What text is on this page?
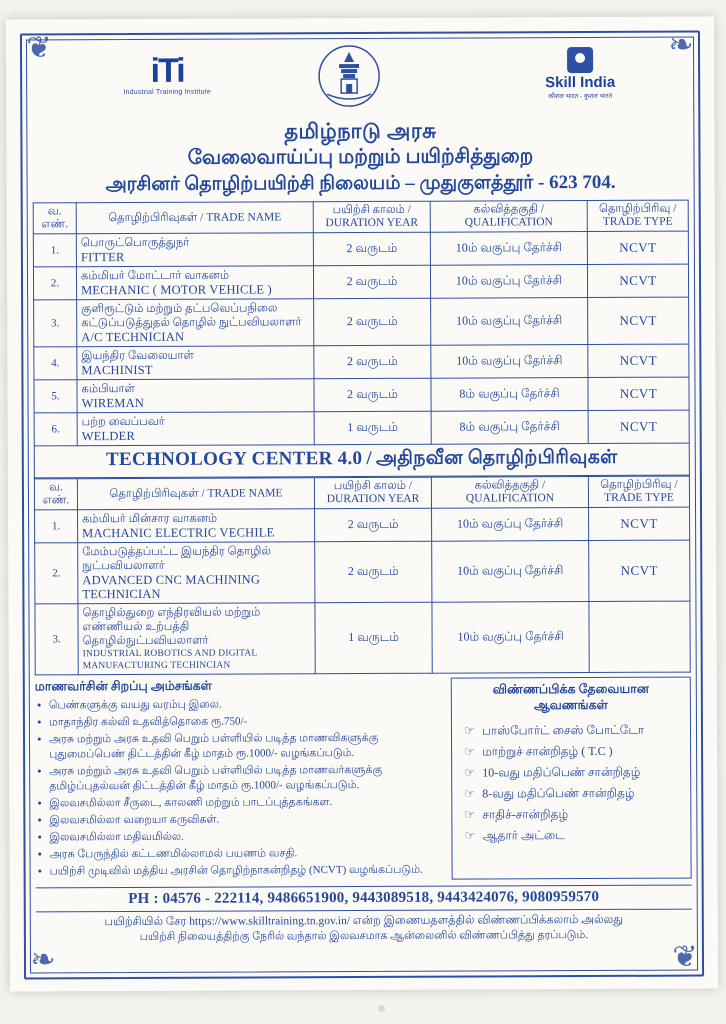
❦	❧
❧	❦
iTi
Industrial Training Institute
Skill India
कौशल भारत - कुशल भारत
தமிழ்நாடு அரசு
வேலைவாய்ப்பு மற்றும் பயிற்சித்துறை
அரசினர் தொழிற்பயிற்சி நிலையம் – முதுகுளத்தூர் - 623 704.
வ.
எண்.	தொழிற்பிரிவுகள் / TRADE NAME	பயிற்சி காலம் /
DURATION YEAR	கல்வித்தகுதி /
QUALIFICATION	தொழிற்பிரிவு /
TRADE TYPE

1.	பொருட்பொருத்துநர்
FITTER	2 வருடம்	10ம் வகுப்பு தேர்ச்சி	NCVT
2.	கம்மியர் மோட்டார் வாகனம்
MECHANIC ( MOTOR VEHICLE )	2 வருடம்	10ம் வகுப்பு தேர்ச்சி	NCVT
3.	குளிரூட்டும் மற்றும் தட்பவெப்பநிலை கட்டுப்படுத்துதல் தொழில் நுட்பவியலாளர்
A/C TECHNICIAN	2 வருடம்	10ம் வகுப்பு தேர்ச்சி	NCVT
4.	இயந்திர வேலையாள்
MACHINIST	2 வருடம்	10ம் வகுப்பு தேர்ச்சி	NCVT
5.	கம்பியாள்
WIREMAN	2 வருடம்	8ம் வகுப்பு தேர்ச்சி	NCVT
6.	பற்ற வைப்பவர்
WELDER	1 வருடம்	8ம் வகுப்பு தேர்ச்சி	NCVT
TECHNOLOGY CENTER 4.0 / அதிநவீன தொழிற்பிரிவுகள்
வ.
எண்.	தொழிற்பிரிவுகள் / TRADE NAME	பயிற்சி காலம் /
DURATION YEAR	கல்வித்தகுதி /
QUALIFICATION	தொழிற்பிரிவு /
TRADE TYPE

1.	கம்மியர் மின்சார வாகனம்
MACHANIC ELECTRIC VECHILE	2 வருடம்	10ம் வகுப்பு தேர்ச்சி	NCVT
2.	மேம்படுத்தப்பட்ட இயந்திர தொழில் நுட்பவியலாளர்
ADVANCED CNC MACHINING TECHNICIAN	2 வருடம்	10ம் வகுப்பு தேர்ச்சி	NCVT
3.	தொழில்துறை எந்திரவியல் மற்றும் எண்ணியல் உற்பத்தி தொழில்நுட்பவியலாளர்
INDUSTRIAL ROBOTICS AND DIGITAL MANUFACTURING TECHINCIAN	1 வருடம்	10ம் வகுப்பு தேர்ச்சி	
மாணவர்சின் சிறப்பு அம்சங்கள்
• பெண்களுக்கு வயது வரம்பு இலை.
• மாதாந்திர கல்வி உதவித்தொகை ரூ.750/-
• அரசு மற்றும் அரசு உதவி பெறும் பள்ளியில் படித்த மாணவிகளுக்கு புதுமைப்பெண் திட்டத்தின் கீழ் மாதம் ரூ.1000/- வழங்கப்படும்.
• அரசு மற்றும் அரசு உதவி பெறும் பள்ளியில் படித்த மாணவர்களுக்கு தமிழ்ப்புதல்வன் திட்டத்தின் கீழ் மாதம் ரூ.1000/- வழங்கப்படும்.
• இலவசமில்லா சீருடை, காலணி மற்றும் பாடப்புத்தகங்கள.
• இலவசமில்லா வறையா கருவிகள்.
• இலவசமில்லா மதிவமில்ல.
• அரசு பேருந்தில் கட்டணமில்லாமல் பயணம் வசதி.
• பயிற்சி முடிவில் மத்திய அரசின் தொழிற்நாகன்றிதழ் (NCVT) வழங்கப்படும்.
விண்ணப்பிக்க தேவையான ஆவணங்கள்
☞ பாஸ்போர்ட் சைஸ் போட்டோ
☞ மாற்றுச் சான்றிதழ் ( T.C )
☞ 10-வது மதிப்பெண் சான்றிதழ்
☞ 8-வது மதிப்பெண் சான்றிதழ்
☞ சாதிச்-சான்றிதழ்
☞ ஆதார் அட்டை
PH : 04576 - 222114, 9486651900, 9443089518, 9443424076, 9080959570
பயிற்சியில் சேர https://www.skilltraining.tn.gov.in/ என்ற இணையதளத்தில் விண்ணப்பிக்கலாம் அல்லது
பயிற்சி நிலையத்திற்கு நேரில் வந்தால் இலவசமாக ஆன்லைனில் விண்ணப்பித்து தரப்படும்.
